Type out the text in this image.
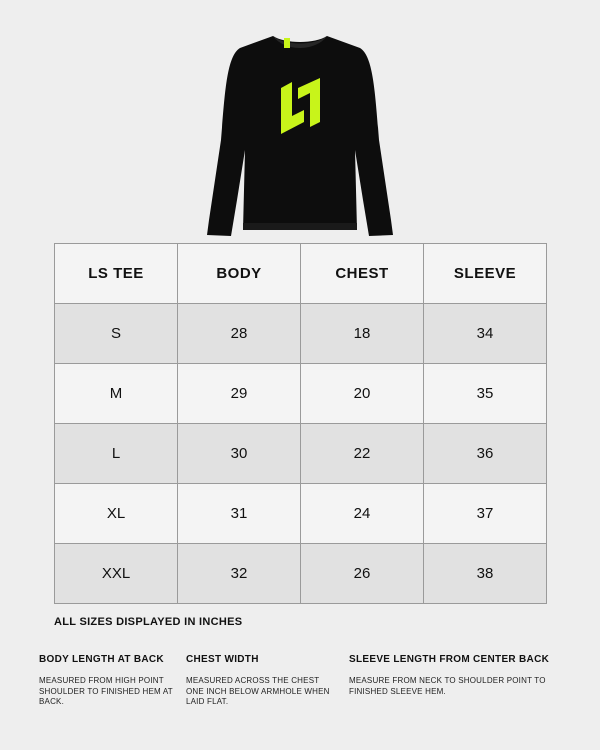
LS TEE	BODY	CHEST	SLEEVE
S	28	18	34
M	29	20	35
L	30	22	36
XL	31	24	37
XXL	32	26	38
ALL SIZES DISPLAYED IN INCHES
BODY LENGTH AT BACK
MEASURED FROM HIGH POINT SHOULDER TO FINISHED HEM AT BACK.
CHEST WIDTH
MEASURED ACROSS THE CHEST ONE INCH BELOW ARMHOLE WHEN LAID FLAT.
SLEEVE LENGTH FROM CENTER BACK
MEASURE FROM NECK TO SHOULDER POINT TO FINISHED SLEEVE HEM.
